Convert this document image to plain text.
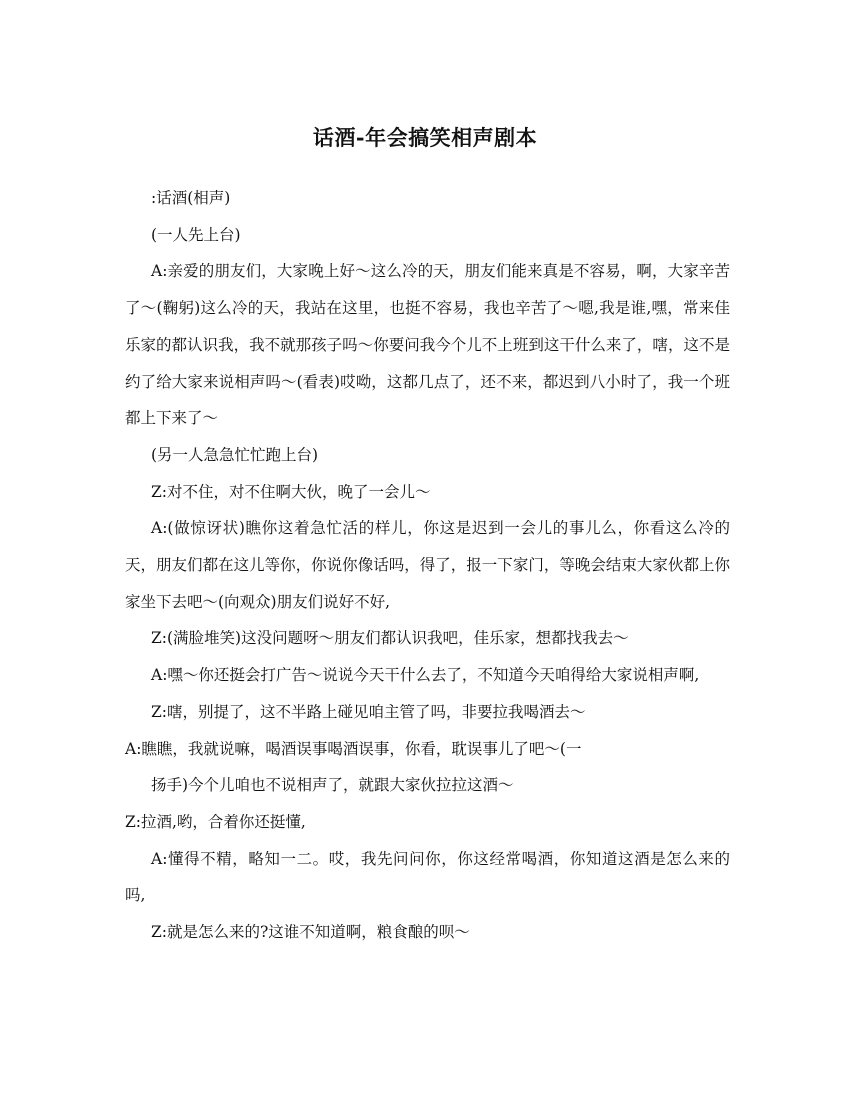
话酒-年会搞笑相声剧本

:话酒(相声)

(一人先上台)

A:亲爱的朋友们，大家晚上好～这么冷的天，朋友们能来真是不容易，啊，大家辛苦了～(鞠躬)这么冷的天，我站在这里，也挺不容易，我也辛苦了～嗯,我是谁,嘿，常来佳乐家的都认识我，我不就那孩子吗～你要问我今个儿不上班到这干什么来了，嗐，这不是约了给大家来说相声吗～(看表)哎呦，这都几点了，还不来，都迟到八小时了，我一个班都上下来了～

(另一人急急忙忙跑上台)

Z:对不住，对不住啊大伙，晚了一会儿～

A:(做惊讶状)瞧你这着急忙活的样儿，你这是迟到一会儿的事儿么，你看这么冷的天，朋友们都在这儿等你，你说你像话吗，得了，报一下家门，等晚会结束大家伙都上你家坐下去吧～(向观众)朋友们说好不好,

Z:(满脸堆笑)这没问题呀～朋友们都认识我吧，佳乐家，想都找我去～

A:嘿～你还挺会打广告～说说今天干什么去了，不知道今天咱得给大家说相声啊,

Z:嗐，别提了，这不半路上碰见咱主管了吗，非要拉我喝酒去～

A:瞧瞧，我就说嘛，喝酒误事喝酒误事，你看，耽误事儿了吧～(一

扬手)今个儿咱也不说相声了，就跟大家伙拉拉这酒～

Z:拉酒,哟，合着你还挺懂,

A:懂得不精，略知一二。哎，我先问问你，你这经常喝酒，你知道这酒是怎么来的吗,

Z:就是怎么来的?这谁不知道啊，粮食酿的呗～
